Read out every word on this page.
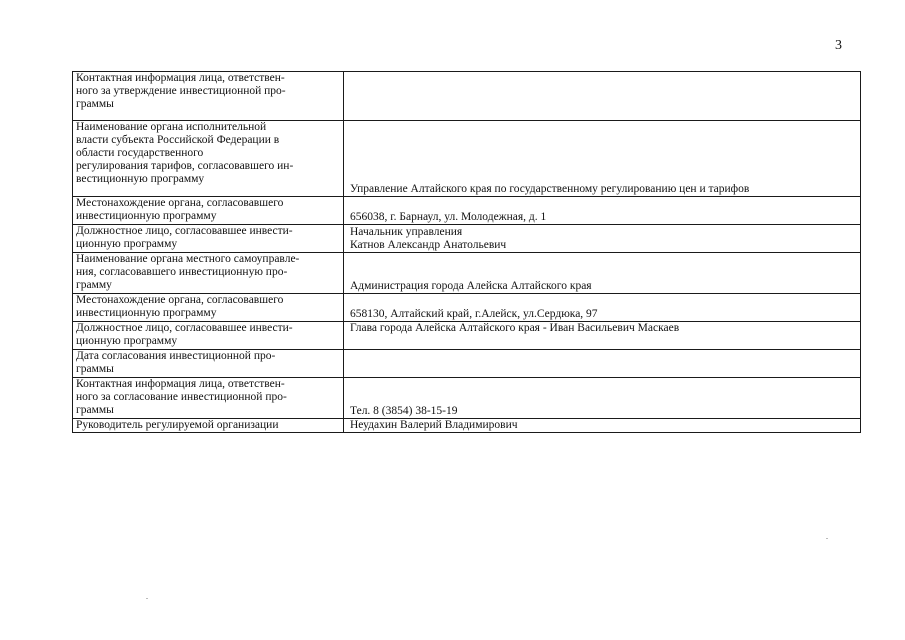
3
Контактная информация лица, ответствен-
ного за утверждение инвестиционной про-
граммы	

Наименование органа исполнительной
власти субъекта Российской Федерации в
области государственного
регулирования тарифов, согласовавшего ин-
вестиционную программу	Управление Алтайского края по государственному регулированию цен и тарифов

Местонахождение органа, согласовавшего
инвестиционную программу	656038, г. Барнаул, ул. Молодежная, д. 1

Должностное лицо, согласовавшее инвести-
ционную программу	Начальник управления
Катнов Александр Анатольевич

Наименование органа местного самоуправле-
ния, согласовавшего инвестиционную про-
грамму	Администрация города Алейска Алтайского края

Местонахождение органа, согласовавшего
инвестиционную программу	658130, Алтайский край, г.Алейск, ул.Сердюка, 97

Должностное лицо, согласовавшее инвести-
ционную программу	Глава города Алейска Алтайского края - Иван Васильевич Маскаев

Дата согласования инвестиционной про-
граммы	

Контактная информация лица, ответствен-
ного за согласование инвестиционной про-
граммы	Тел. 8 (3854) 38-15-19

Руководитель регулируемой организации	Неудахин Валерий Владимирович
